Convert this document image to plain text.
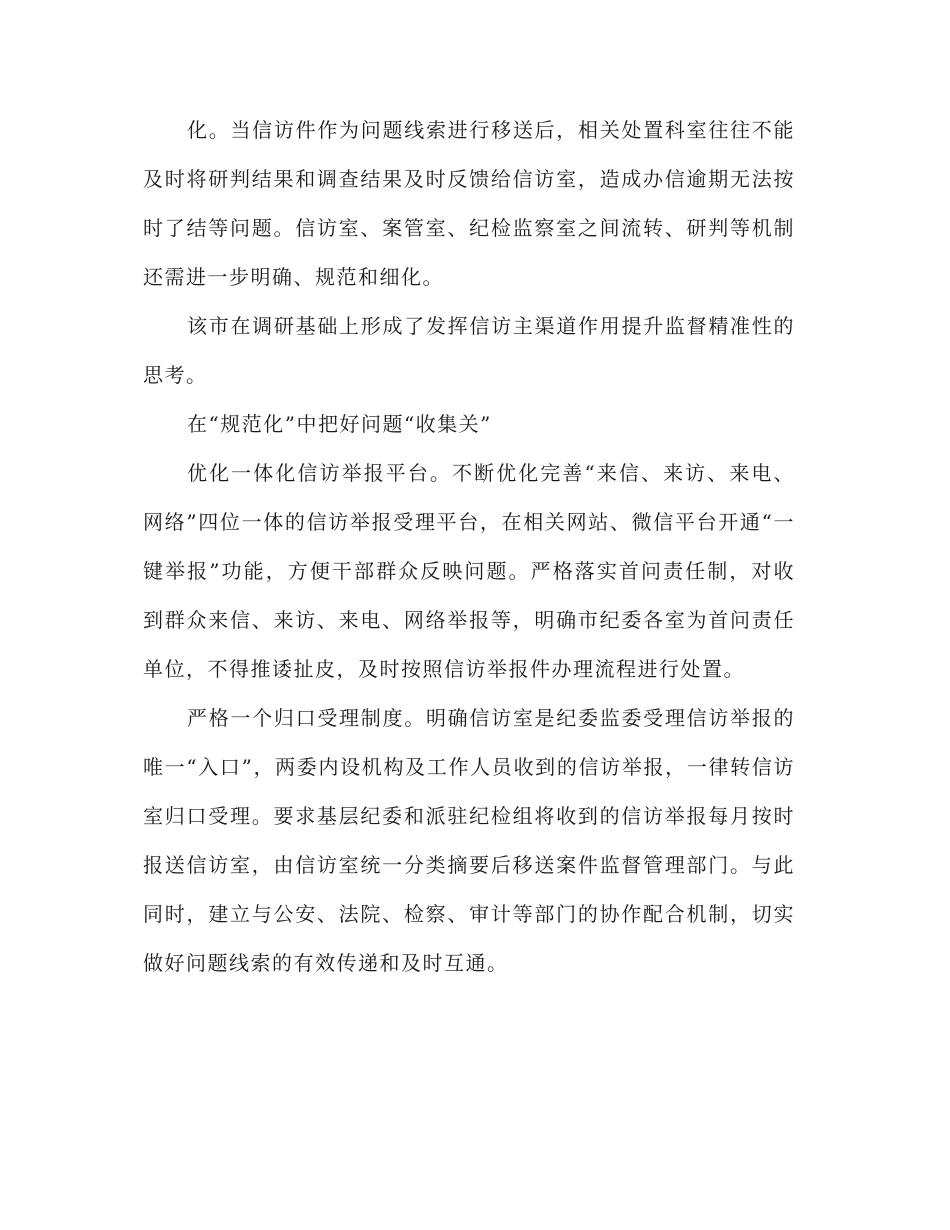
化。当信访件作为问题线索进行移送后，相关处置科室往往不能及时将研判结果和调查结果及时反馈给信访室，造成办信逾期无法按时了结等问题。信访室、案管室、纪检监察室之间流转、研判等机制还需进一步明确、规范和细化。

该市在调研基础上形成了发挥信访主渠道作用提升监督精准性的思考。

在“规范化”中把好问题“收集关”

优化一体化信访举报平台。不断优化完善“来信、来访、来电、网络”四位一体的信访举报受理平台，在相关网站、微信平台开通“一键举报”功能，方便干部群众反映问题。严格落实首问责任制，对收到群众来信、来访、来电、网络举报等，明确市纪委各室为首问责任单位，不得推诿扯皮，及时按照信访举报件办理流程进行处置。

严格一个归口受理制度。明确信访室是纪委监委受理信访举报的唯一“入口”，两委内设机构及工作人员收到的信访举报，一律转信访室归口受理。要求基层纪委和派驻纪检组将收到的信访举报每月按时报送信访室，由信访室统一分类摘要后移送案件监督管理部门。与此同时，建立与公安、法院、检察、审计等部门的协作配合机制，切实做好问题线索的有效传递和及时互通。
